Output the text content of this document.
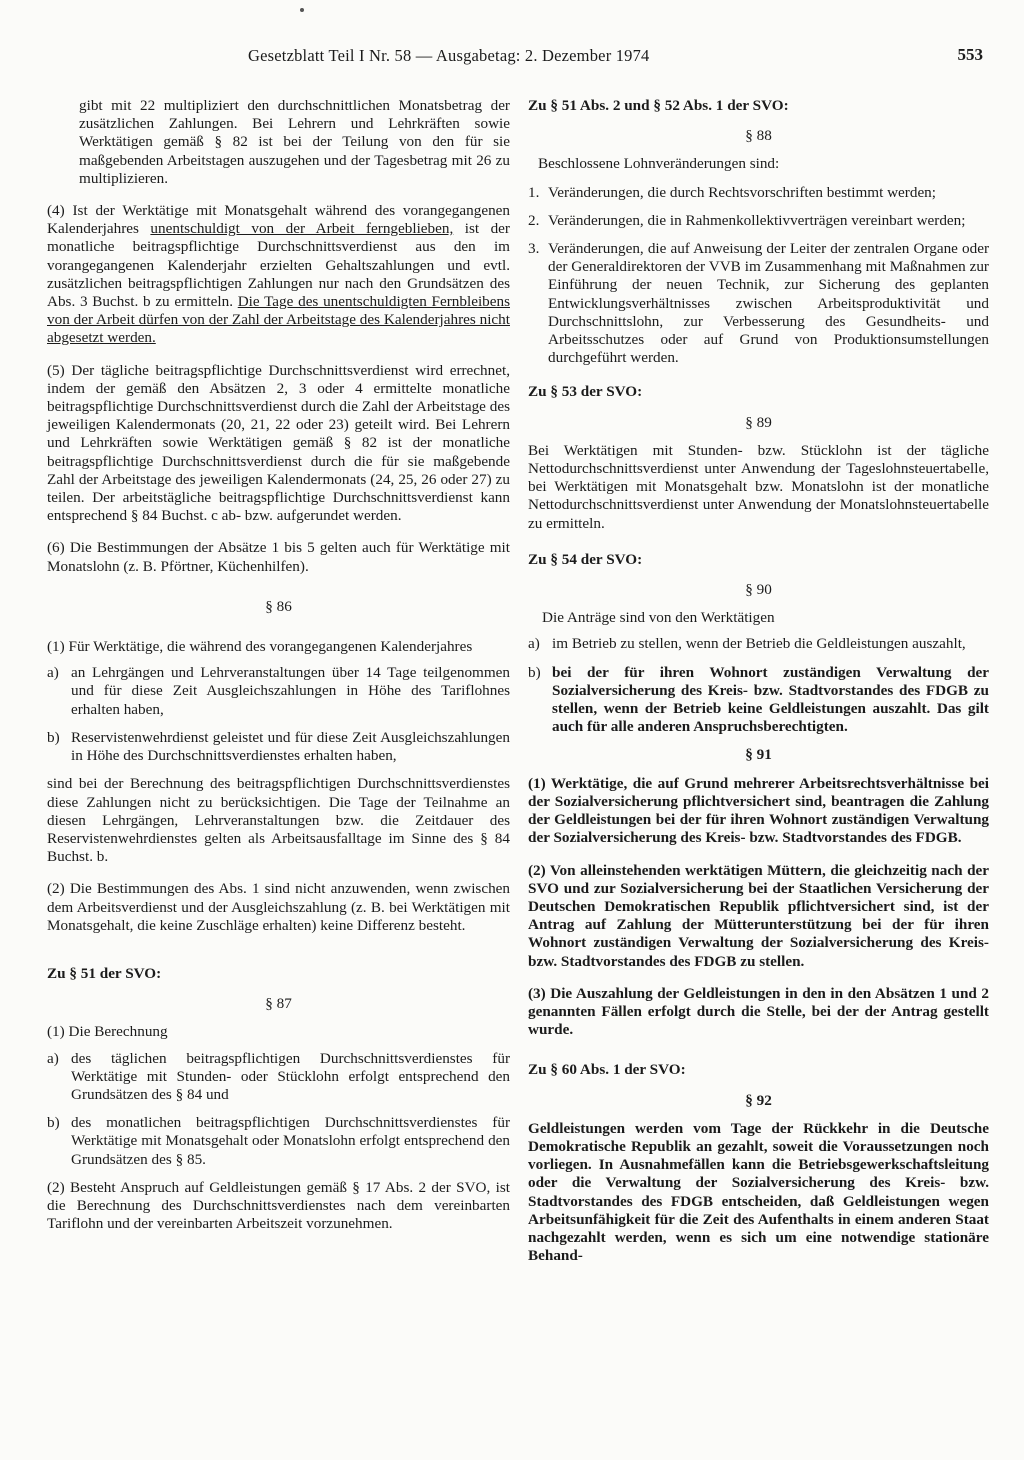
Gesetzblatt Teil I Nr. 58 — Ausgabetag: 2. Dezember 1974	553

gibt mit 22 multipliziert den durchschnittlichen Monatsbetrag der zusätzlichen Zahlungen. Bei Lehrern und Lehrkräften sowie Werktätigen gemäß § 82 ist bei der Teilung von den für sie maßgebenden Arbeitstagen auszugehen und der Tagesbetrag mit 26 zu multiplizieren.

(4) Ist der Werktätige mit Monatsgehalt während des vorangegangenen Kalenderjahres unentschuldigt von der Arbeit ferngeblieben, ist der monatliche beitragspflichtige Durchschnittsverdienst aus den im vorangegangenen Kalenderjahr erzielten Gehaltszahlungen und evtl. zusätzlichen beitragspflichtigen Zahlungen nur nach den Grundsätzen des Abs. 3 Buchst. b zu ermitteln. Die Tage des unentschuldigten Fernbleibens von der Arbeit dürfen von der Zahl der Arbeitstage des Kalenderjahres nicht abgesetzt werden.

(5) Der tägliche beitragspflichtige Durchschnittsverdienst wird errechnet, indem der gemäß den Absätzen 2, 3 oder 4 ermittelte monatliche beitragspflichtige Durchschnittsverdienst durch die Zahl der Arbeitstage des jeweiligen Kalendermonats (20, 21, 22 oder 23) geteilt wird. Bei Lehrern und Lehrkräften sowie Werktätigen gemäß § 82 ist der monatliche beitragspflichtige Durchschnittsverdienst durch die für sie maßgebende Zahl der Arbeitstage des jeweiligen Kalendermonats (24, 25, 26 oder 27) zu teilen. Der arbeitstägliche beitragspflichtige Durchschnittsverdienst kann entsprechend § 84 Buchst. c ab- bzw. aufgerundet werden.

(6) Die Bestimmungen der Absätze 1 bis 5 gelten auch für Werktätige mit Monatslohn (z. B. Pförtner, Küchenhilfen).

§ 86

(1) Für Werktätige, die während des vorangegangenen Kalenderjahres

a) an Lehrgängen und Lehrveranstaltungen über 14 Tage teilgenommen und für diese Zeit Ausgleichszahlungen in Höhe des Tariflohnes erhalten haben,
b) Reservistenwehrdienst geleistet und für diese Zeit Ausgleichszahlungen in Höhe des Durchschnittsverdienstes erhalten haben,

sind bei der Berechnung des beitragspflichtigen Durchschnittsverdienstes diese Zahlungen nicht zu berücksichtigen. Die Tage der Teilnahme an diesen Lehrgängen, Lehrveranstaltungen bzw. die Zeitdauer des Reservistenwehrdienstes gelten als Arbeitsausfalltage im Sinne des § 84 Buchst. b.

(2) Die Bestimmungen des Abs. 1 sind nicht anzuwenden, wenn zwischen dem Arbeitsverdienst und der Ausgleichszahlung (z. B. bei Werktätigen mit Monatsgehalt, die keine Zuschläge erhalten) keine Differenz besteht.

Zu § 51 der SVO:

§ 87

(1) Die Berechnung

a) des täglichen beitragspflichtigen Durchschnittsverdienstes für Werktätige mit Stunden- oder Stücklohn erfolgt entsprechend den Grundsätzen des § 84 und
b) des monatlichen beitragspflichtigen Durchschnittsverdienstes für Werktätige mit Monatsgehalt oder Monatslohn erfolgt entsprechend den Grundsätzen des § 85.

(2) Besteht Anspruch auf Geldleistungen gemäß § 17 Abs. 2 der SVO, ist die Berechnung des Durchschnittsverdienstes nach dem vereinbarten Tariflohn und der vereinbarten Arbeitszeit vorzunehmen.

Zu § 51 Abs. 2 und § 52 Abs. 1 der SVO:

§ 88

Beschlossene Lohnveränderungen sind:

1. Veränderungen, die durch Rechtsvorschriften bestimmt werden;
2. Veränderungen, die in Rahmenkollektivverträgen vereinbart werden;
3. Veränderungen, die auf Anweisung der Leiter der zentralen Organe oder der Generaldirektoren der VVB im Zusammenhang mit Maßnahmen zur Einführung der neuen Technik, zur Sicherung des geplanten Entwicklungsverhältnisses zwischen Arbeitsproduktivität und Durchschnittslohn, zur Verbesserung des Gesundheits- und Arbeitsschutzes oder auf Grund von Produktionsumstellungen durchgeführt werden.

Zu § 53 der SVO:

§ 89

Bei Werktätigen mit Stunden- bzw. Stücklohn ist der tägliche Nettodurchschnittsverdienst unter Anwendung der Tageslohnsteuertabelle, bei Werktätigen mit Monatsgehalt bzw. Monatslohn ist der monatliche Nettodurchschnittsverdienst unter Anwendung der Monatslohnsteuertabelle zu ermitteln.

Zu § 54 der SVO:

§ 90

Die Anträge sind von den Werktätigen

a) im Betrieb zu stellen, wenn der Betrieb die Geldleistungen auszahlt,
b) bei der für ihren Wohnort zuständigen Verwaltung der Sozialversicherung des Kreis- bzw. Stadtvorstandes des FDGB zu stellen, wenn der Betrieb keine Geldleistungen auszahlt. Das gilt auch für alle anderen Anspruchsberechtigten.

§ 91

(1) Werktätige, die auf Grund mehrerer Arbeitsrechtsverhältnisse bei der Sozialversicherung pflichtversichert sind, beantragen die Zahlung der Geldleistungen bei der für ihren Wohnort zuständigen Verwaltung der Sozialversicherung des Kreis- bzw. Stadtvorstandes des FDGB.

(2) Von alleinstehenden werktätigen Müttern, die gleichzeitig nach der SVO und zur Sozialversicherung bei der Staatlichen Versicherung der Deutschen Demokratischen Republik pflichtversichert sind, ist der Antrag auf Zahlung der Mütterunterstützung bei der für ihren Wohnort zuständigen Verwaltung der Sozialversicherung des Kreis- bzw. Stadtvorstandes des FDGB zu stellen.

(3) Die Auszahlung der Geldleistungen in den in den Absätzen 1 und 2 genannten Fällen erfolgt durch die Stelle, bei der der Antrag gestellt wurde.

Zu § 60 Abs. 1 der SVO:

§ 92

Geldleistungen werden vom Tage der Rückkehr in die Deutsche Demokratische Republik an gezahlt, soweit die Voraussetzungen noch vorliegen. In Ausnahmefällen kann die Betriebsgewerkschaftsleitung oder die Verwaltung der Sozialversicherung des Kreis- bzw. Stadtvorstandes des FDGB entscheiden, daß Geldleistungen wegen Arbeitsunfähigkeit für die Zeit des Aufenthalts in einem anderen Staat nachgezahlt werden, wenn es sich um eine notwendige stationäre Behand-
